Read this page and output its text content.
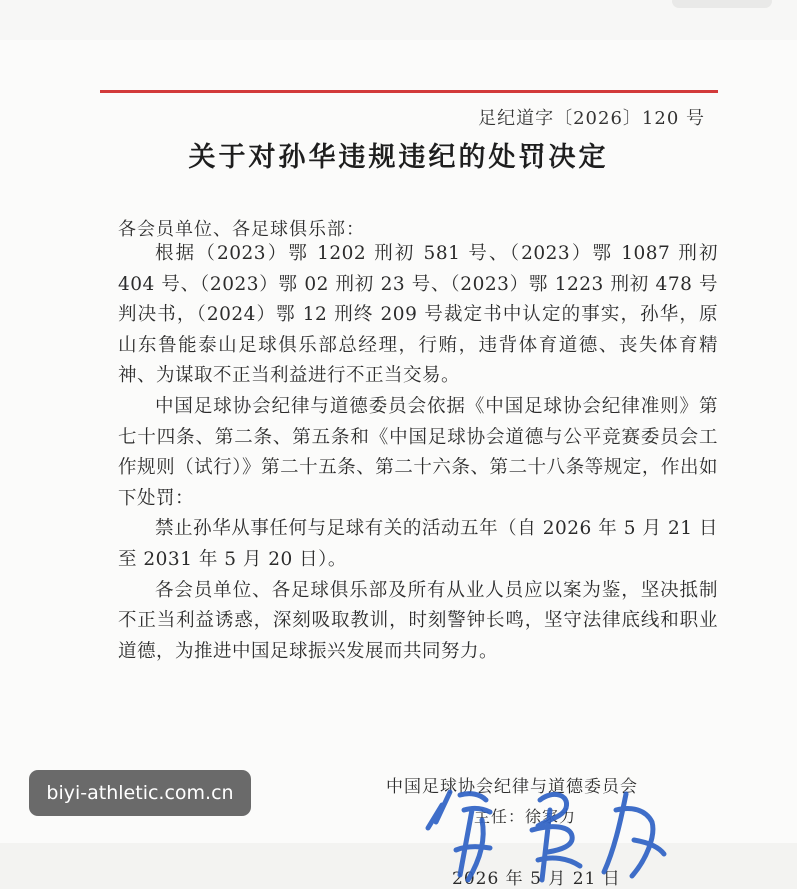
足纪道字〔2026〕120 号
关于对孙华违规违纪的处罚决定
各会员单位、各足球俱乐部：

根据（2023）鄂 1202 刑初 581 号、（2023）鄂 1087 刑初 404 号、（2023）鄂 02 刑初 23 号、（2023）鄂 1223 刑初 478 号判决书，（2024）鄂 12 刑终 209 号裁定书中认定的事实，孙华，原山东鲁能泰山足球俱乐部总经理，行贿，违背体育道德、丧失体育精神、为谋取不正当利益进行不正当交易。

中国足球协会纪律与道德委员会依据《中国足球协会纪律准则》第七十四条、第二条、第五条和《中国足球协会道德与公平竞赛委员会工作规则（试行）》第二十五条、第二十六条、第二十八条等规定，作出如下处罚：

禁止孙华从事任何与足球有关的活动五年（自 2026 年 5 月 21 日至 2031 年 5 月 20 日）。

各会员单位、各足球俱乐部及所有从业人员应以案为鉴，坚决抵制不正当利益诱惑，深刻吸取教训，时刻警钟长鸣，坚守法律底线和职业道德，为推进中国足球振兴发展而共同努力。

中国足球协会纪律与道德委员会
主任：徐家力
2026 年 5 月 21 日
biyi-athletic.com.cn
